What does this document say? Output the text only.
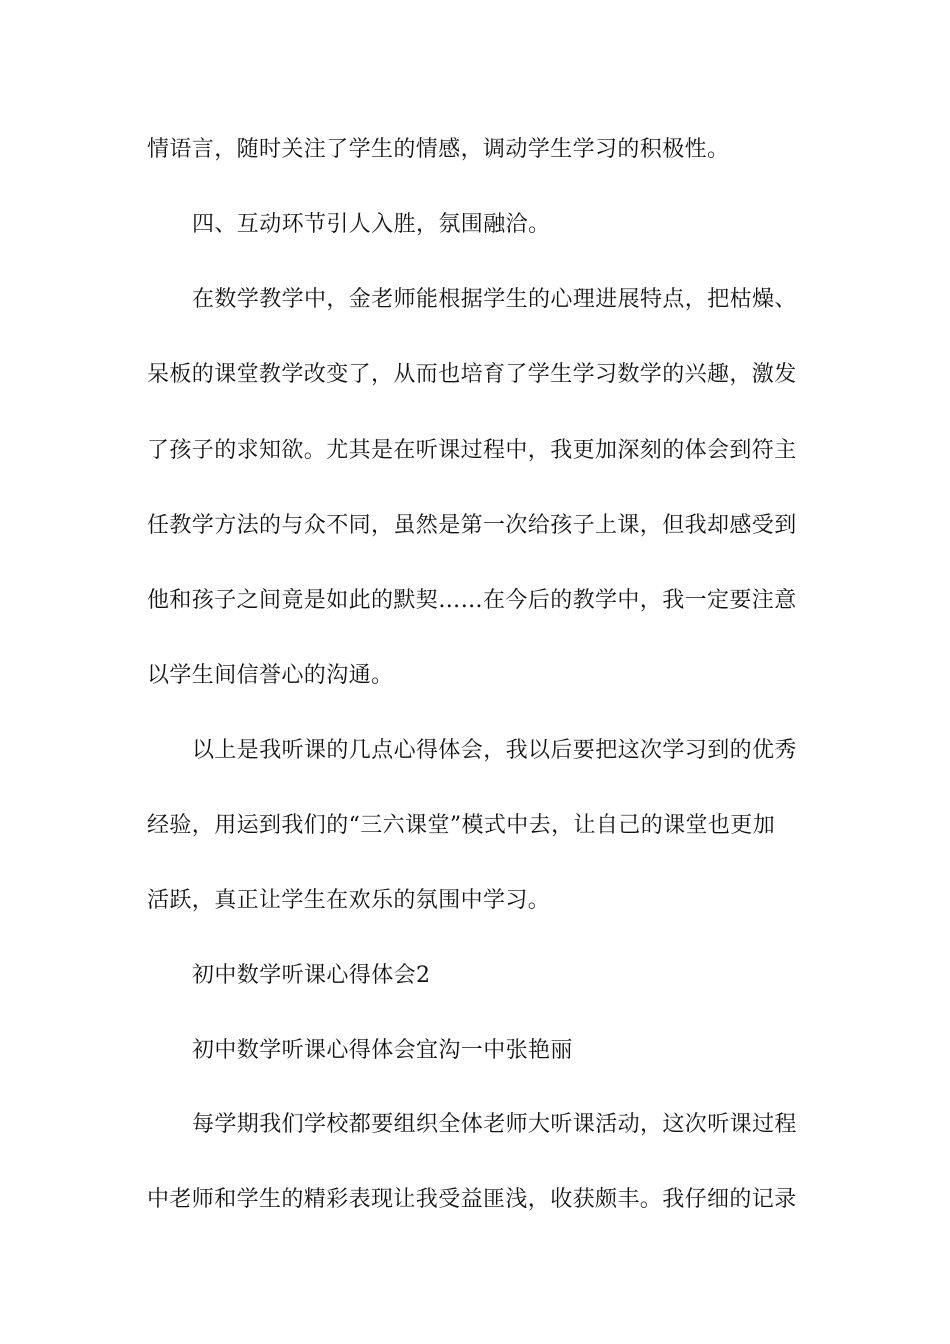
情语言，随时关注了学生的情感，调动学生学习的积极性。
四、互动环节引人入胜，氛围融洽。
在数学教学中，金老师能根据学生的心理进展特点，把枯燥、
呆板的课堂教学改变了，从而也培育了学生学习数学的兴趣，激发
了孩子的求知欲。尤其是在听课过程中，我更加深刻的体会到符主
任教学方法的与众不同，虽然是第一次给孩子上课，但我却感受到
他和孩子之间竟是如此的默契……在今后的教学中，我一定要注意
以学生间信誉心的沟通。
以上是我听课的几点心得体会，我以后要把这次学习到的优秀
经验，用运到我们的“三六课堂”模式中去，让自己的课堂也更加
活跃，真正让学生在欢乐的氛围中学习。
初中数学听课心得体会2
初中数学听课心得体会宜沟一中张艳丽
每学期我们学校都要组织全体老师大听课活动，这次听课过程
中老师和学生的精彩表现让我受益匪浅，收获颇丰。我仔细的记录
